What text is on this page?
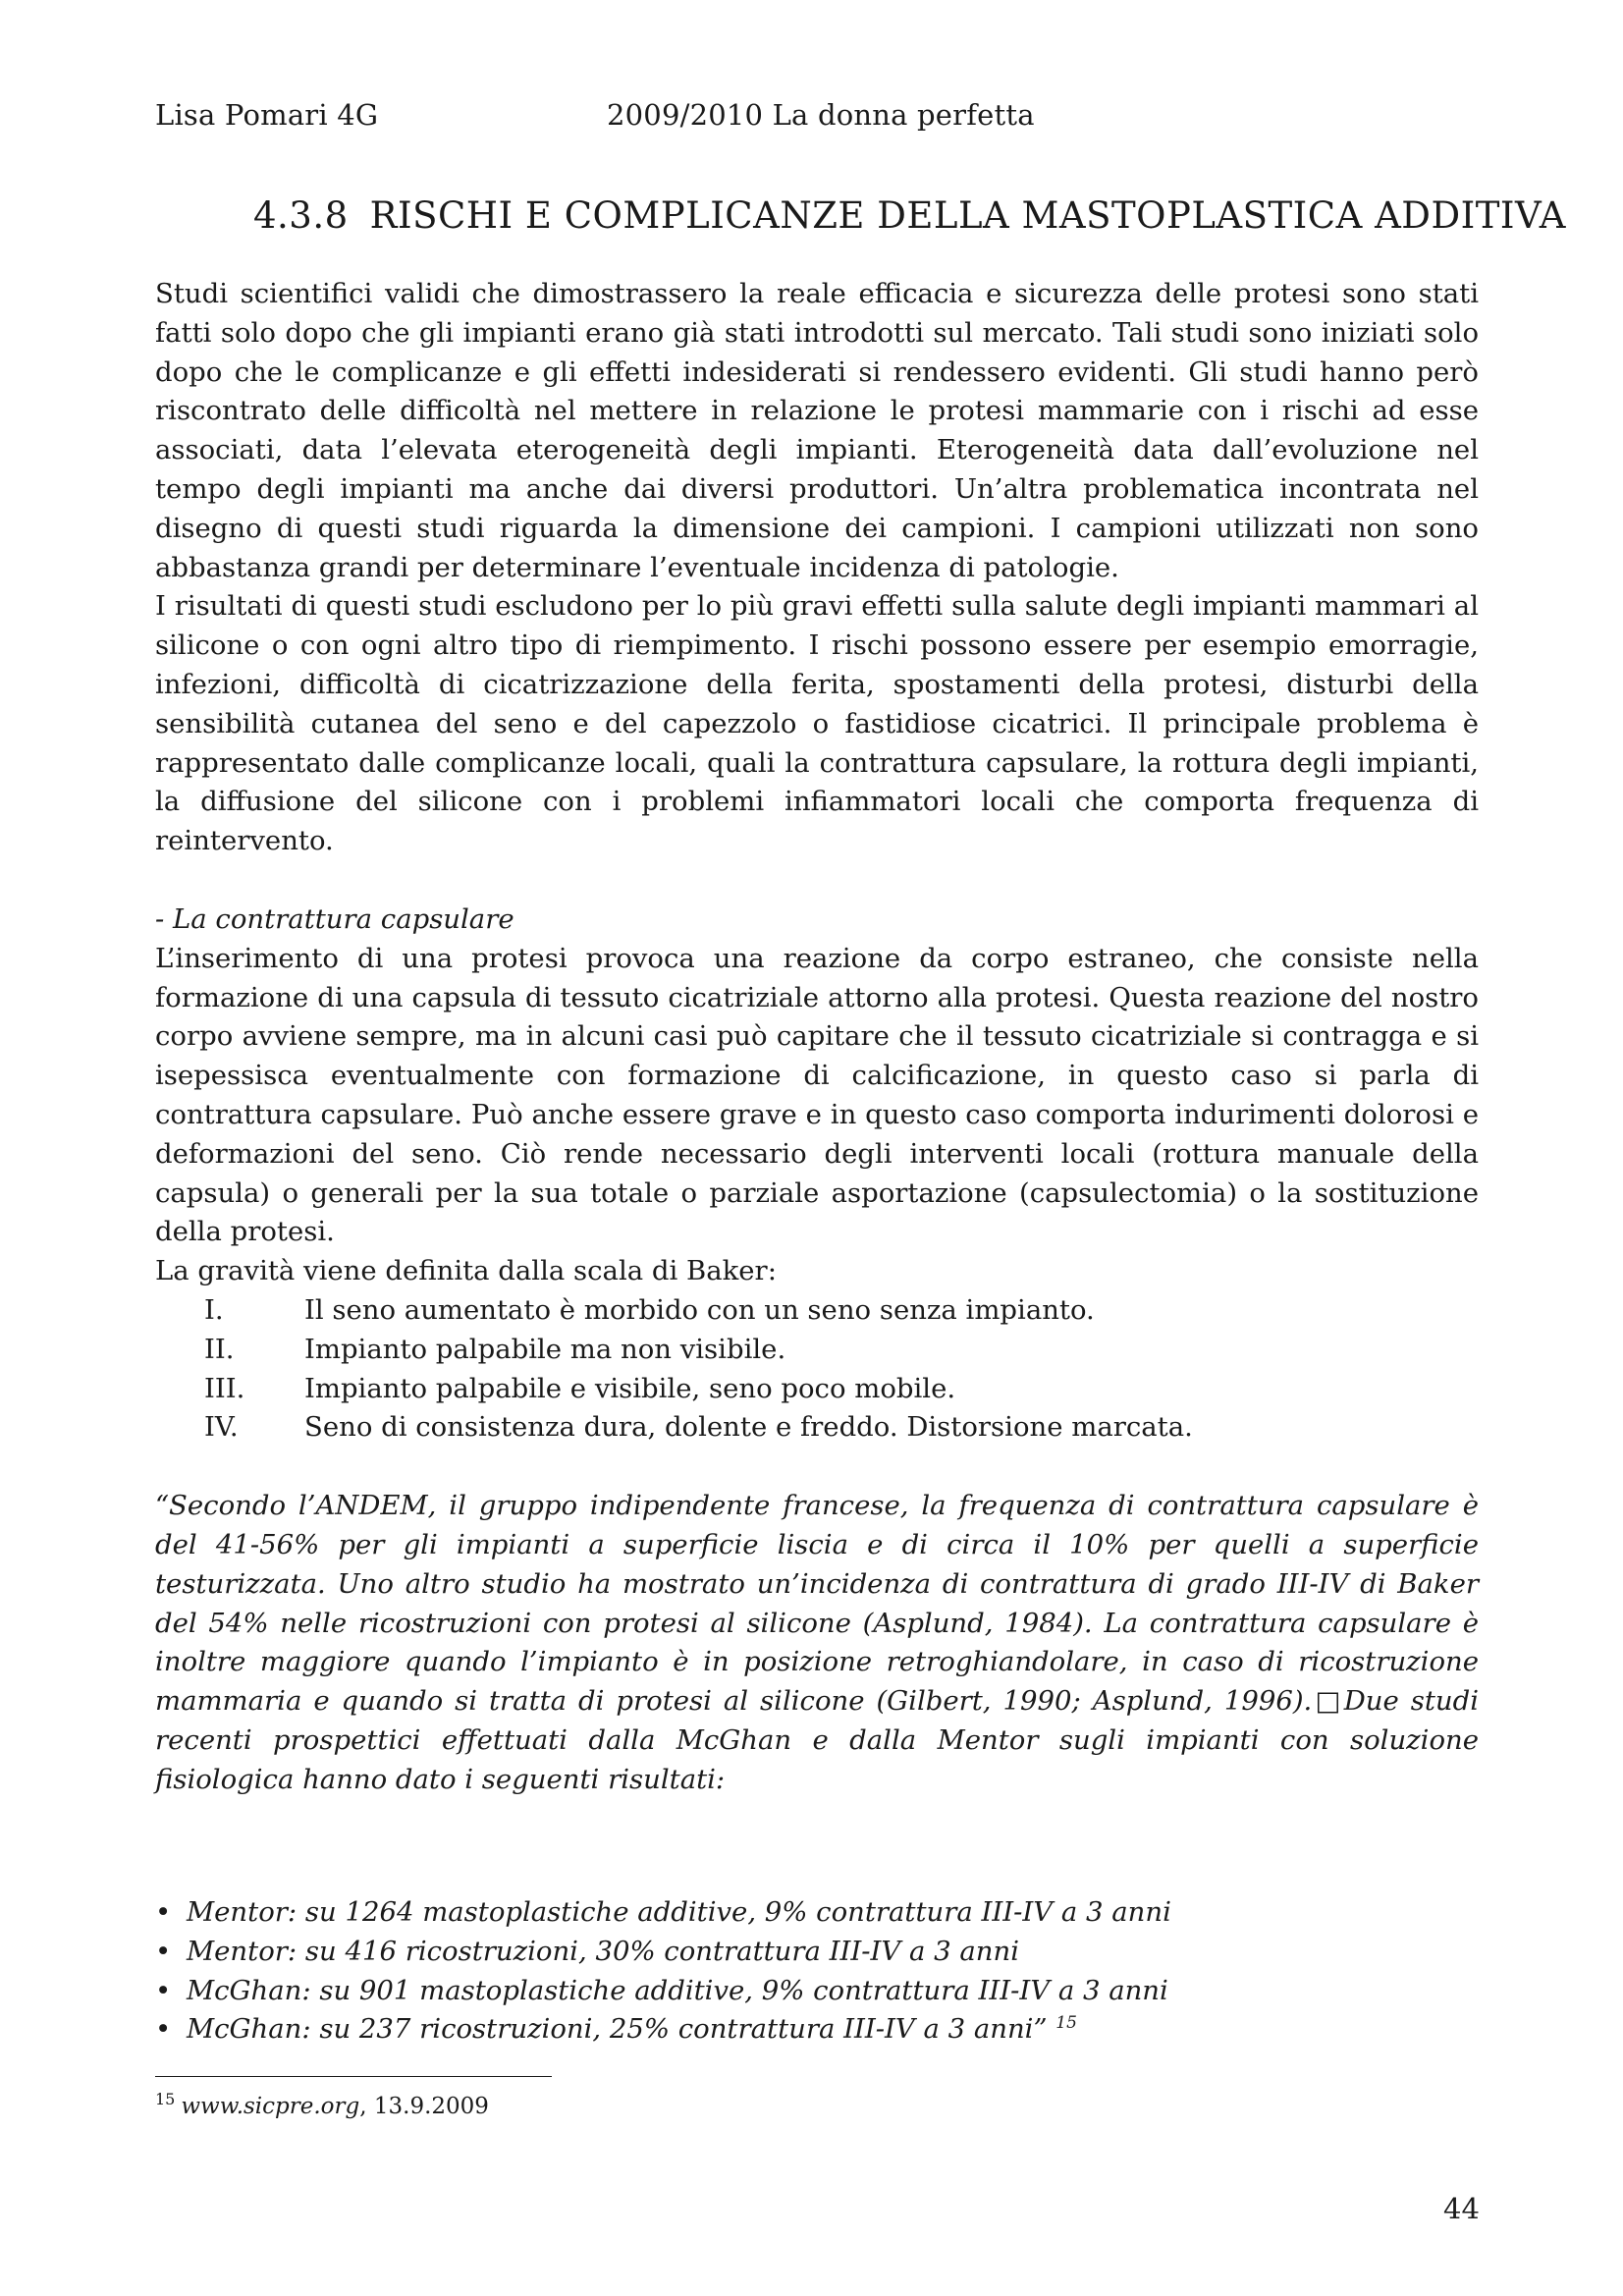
Lisa Pomari 4G	2009/2010 La donna perfetta
4.3.8 RISCHI E COMPLICANZE DELLA MASTOPLASTICA ADDITIVA

Studi scientifici validi che dimostrassero la reale efficacia e sicurezza delle protesi sono stati fatti solo dopo che gli impianti erano già stati introdotti sul mercato. Tali studi sono iniziati solo dopo che le complicanze e gli effetti indesiderati si rendessero evidenti. Gli studi hanno però riscontrato delle difficoltà nel mettere in relazione le protesi mammarie con i rischi ad esse associati, data l’elevata eterogeneità degli impianti. Eterogeneità data dall’evoluzione nel tempo degli impianti ma anche dai diversi produttori. Un’altra problematica incontrata nel disegno di questi studi riguarda la dimensione dei campioni. I campioni utilizzati non sono abbastanza grandi per determinare l’eventuale incidenza di patologie.

I risultati di questi studi escludono per lo più gravi effetti sulla salute degli impianti mammari al silicone o con ogni altro tipo di riempimento. I rischi possono essere per esempio emorragie, infezioni, difficoltà di cicatrizzazione della ferita, spostamenti della protesi, disturbi della sensibilità cutanea del seno e del capezzolo o fastidiose cicatrici. Il principale problema è rappresentato dalle complicanze locali, quali la contrattura capsulare, la rottura degli impianti, la diffusione del silicone con i problemi infiammatori locali che comporta frequenza di reintervento.

- La contrattura capsulare

L’inserimento di una protesi provoca una reazione da corpo estraneo, che consiste nella formazione di una capsula di tessuto cicatriziale attorno alla protesi. Questa reazione del nostro corpo avviene sempre, ma in alcuni casi può capitare che il tessuto cicatriziale si contragga e si isepessisca eventualmente con formazione di calcificazione, in questo caso si parla di contrattura capsulare. Può anche essere grave e in questo caso comporta indurimenti dolorosi e deformazioni del seno. Ciò rende necessario degli interventi locali (rottura manuale della capsula) o generali per la sua totale o parziale asportazione (capsulectomia) o la sostituzione della protesi.

La gravità viene definita dalla scala di Baker:

I.	Il seno aumentato è morbido con un seno senza impianto.
II.	Impianto palpabile ma non visibile.
III.	Impianto palpabile e visibile, seno poco mobile.
IV.	Seno di consistenza dura, dolente e freddo. Distorsione marcata.

“Secondo l’ANDEM, il gruppo indipendente francese, la frequenza di contrattura capsulare è del 41-56% per gli impianti a superficie liscia e di circa il 10% per quelli a superficie testurizzata. Uno altro studio ha mostrato un’incidenza di contrattura di grado III-IV di Baker del 54% nelle ricostruzioni con protesi al silicone (Asplund, 1984). La contrattura capsulare è inoltre maggiore quando l’impianto è in posizione retroghiandolare, in caso di ricostruzione mammaria e quando si tratta di protesi al silicone (Gilbert, 1990; Asplund, 1996).□Due studi recenti prospettici effettuati dalla McGhan e dalla Mentor sugli impianti con soluzione fisiologica hanno dato i seguenti risultati:

• Mentor: su 1264 mastoplastiche additive, 9% contrattura III-IV a 3 anni
• Mentor: su 416 ricostruzioni, 30% contrattura III-IV a 3 anni
• McGhan: su 901 mastoplastiche additive, 9% contrattura III-IV a 3 anni
• McGhan: su 237 ricostruzioni, 25% contrattura III-IV a 3 anni” $^{15}$
$^{15}$ www.sicpre.org, 13.9.2009
44
